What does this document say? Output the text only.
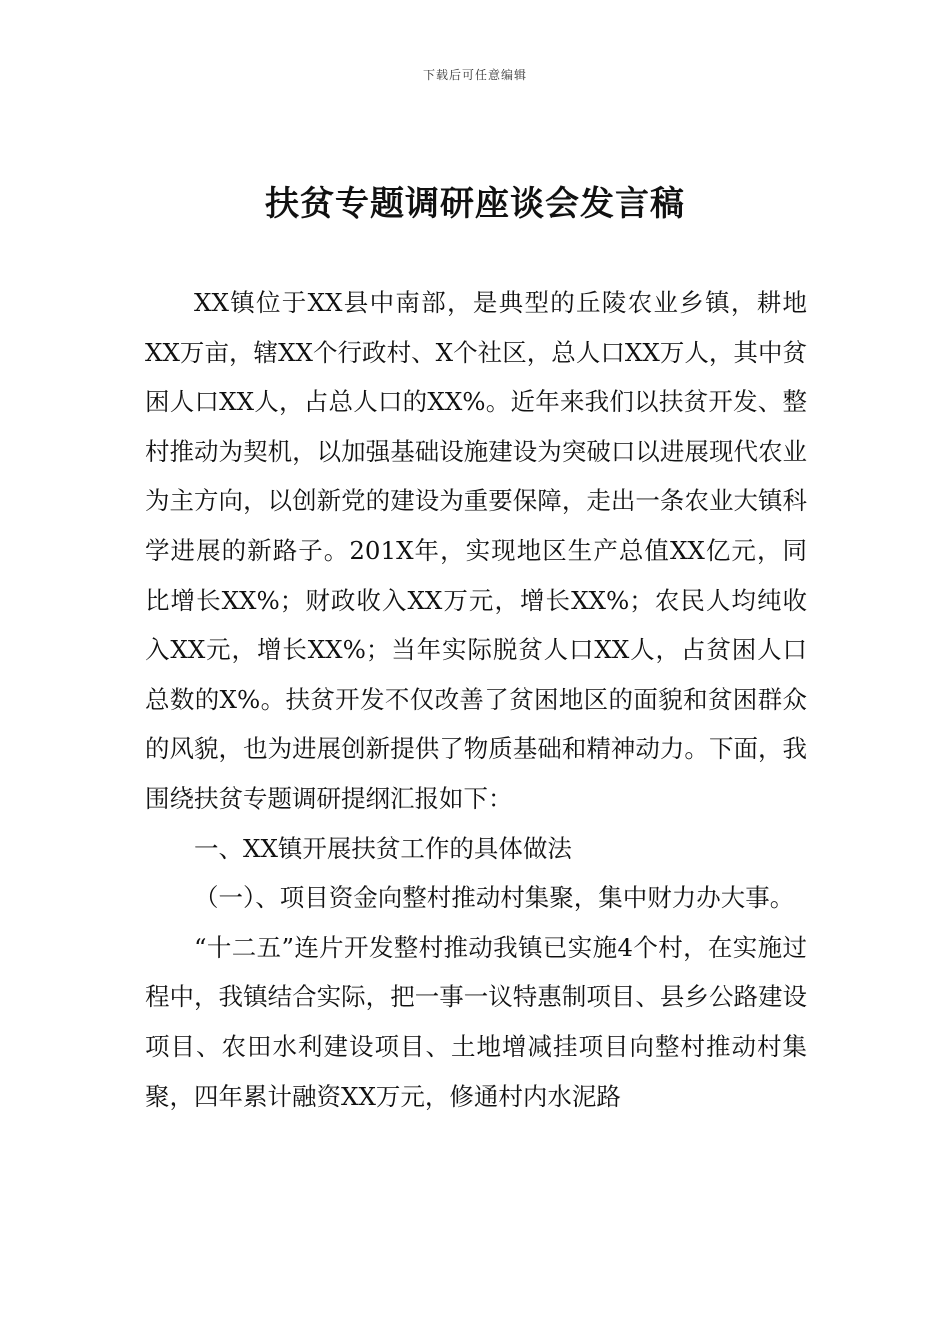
下载后可任意编辑
扶贫专题调研座谈会发言稿

XX镇位于XX县中南部，是典型的丘陵农业乡镇，耕地XX万亩，辖XX个行政村、X个社区，总人口XX万人，其中贫困人口XX人，占总人口的XX%。近年来我们以扶贫开发、整村推动为契机，以加强基础设施建设为突破口以进展现代农业为主方向，以创新党的建设为重要保障，走出一条农业大镇科学进展的新路子。201X年，实现地区生产总值XX亿元，同比增长XX%；财政收入XX万元，增长XX%；农民人均纯收入XX元，增长XX%；当年实际脱贫人口XX人，占贫困人口总数的X%。扶贫开发不仅改善了贫困地区的面貌和贫困群众的风貌，也为进展创新提供了物质基础和精神动力。下面，我围绕扶贫专题调研提纲汇报如下：

一、XX镇开展扶贫工作的具体做法

（一）、项目资金向整村推动村集聚，集中财力办大事。

“十二五”连片开发整村推动我镇已实施4个村，在实施过程中，我镇结合实际，把一事一议特惠制项目、县乡公路建设项目、农田水利建设项目、土地增减挂项目向整村推动村集聚，四年累计融资XX万元，修通村内水泥路
